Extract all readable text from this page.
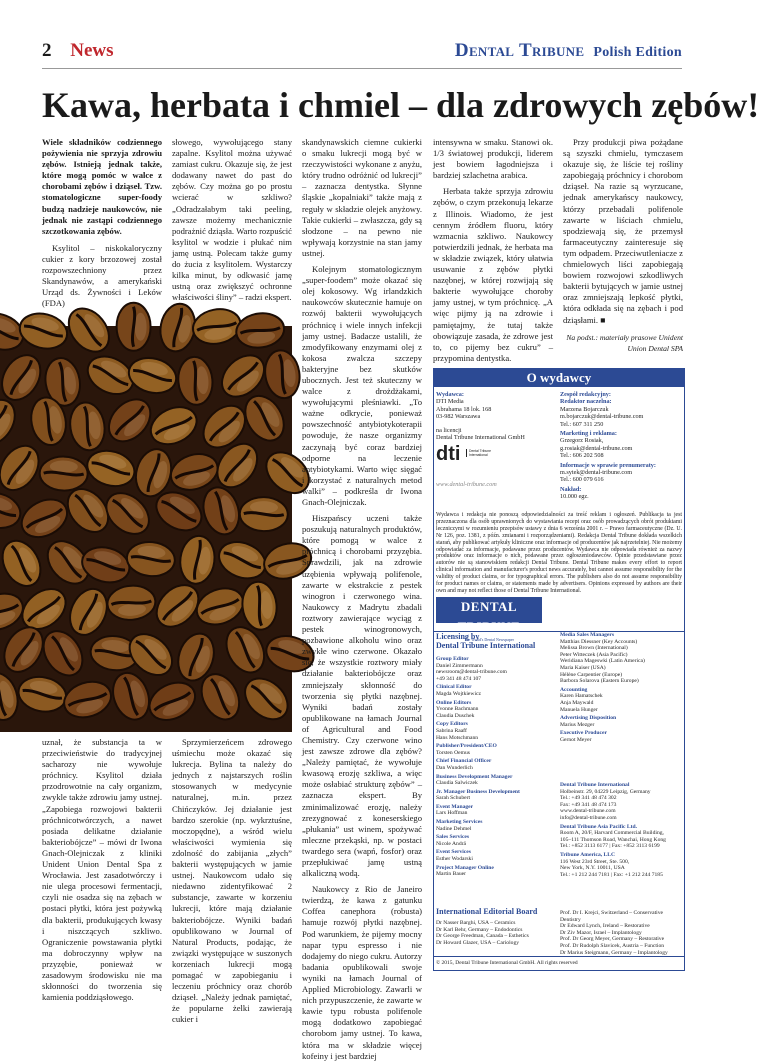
2 News	Dental Tribune Polish Edition
Kawa, herbata i chmiel – dla zdrowych zębów!

Wiele składników codziennego pożywienia nie sprzyja zdrowiu zębów. Istnieją jednak także, które mogą pomóc w walce z chorobami zębów i dziąseł. Tzw. stomatologiczne super-foody budzą nadzieje naukowców, nie jednak nie zastąpi codziennego szczotkowania zębów.

Ksylitol – niskokaloryczny cukier z kory brzozowej został rozpowszechniony przez Skandynawów, a amerykański Urząd ds. Żywności i Leków (FDA)

słowego, wywołującego stany zapalne. Ksylitol można używać zamiast cukru. Okazuje się, że jest dodawany nawet do past do zębów. Czy można go po prostu wcierać w szkliwo? „Odradzałabym taki peeling, zawsze możemy mechanicznie podrażnić dziąsła. Warto rozpuścić ksylitol w wodzie i płukać nim jamę ustną. Polecam także gumy do żucia z ksylitolem. Wystarczy kilka minut, by odkwasić jamę ustną oraz zwiększyć ochronne właściwości śliny” – radzi ekspert.

uznał, że substancja ta w przeciwieństwie do tradycyjnej sacharozy nie wywołuje próchnicy. Ksylitol działa przodrowotnie na cały organizm, zwykle także zdrowiu jamy ustnej. „Zapobiega rozwojowi bakterii próchnicotwórczych, a nawet posiada delikatne działanie bakteriobójcze” – mówi dr Iwona Gnach-Olejniczak z kliniki Unident Union Dental Spa z Wrocławia. Jest zasadotwórczy i nie ulega procesowi fermentacji, czyli nie osadza się na zębach w postaci płytki, która jest pożywką dla bakterii, produkujących kwasy i niszczących szkliwo. Ograniczenie powstawania płytki ma dobroczynny wpływ na przyzębie, ponieważ w zasadowym środowisku nie ma skłonności do tworzenia się kamienia poddziąsłowego.

Sprzymierzeńcem zdrowego uśmiechu może okazać się lukrecja. Bylina ta należy do jednych z najstarszych roślin stosowanych w medycynie naturalnej, m.in. przez Chińczyków. Jej działanie jest bardzo szerokie (np. wykrztuśne, moczopędne), a wśród wielu właściwości wymienia się zdolność do zabijania „złych” bakterii występujących w jamie ustnej. Naukowcom udało się niedawno zidentyfikować 2 substancje, zawarte w korzeniu lukrecji, które mają działanie bakteriobójcze. Wyniki badań opublikowano w Journal of Natural Products, podając, że związki występujące w suszonych korzeniach lukrecji mogą pomagać w zapobieganiu i leczeniu próchnicy oraz chorób dziąseł. „Należy jednak pamiętać, że popularne żelki zawierają cukier i

skandynawskich ciemne cukierki o smaku lukrecji mogą być w rzeczywistości wykonane z anyżu, który trudno odróżnić od lukrecji” – zaznacza dentystka. Słynne śląskie „kopalniaki” także mają z reguły w składzie olejek anyżowy. Takie cukierki – zwłaszcza, gdy są słodzone – na pewno nie wpływają korzystnie na stan jamy ustnej.

Kolejnym stomatologicznym „super-foodem” może okazać się olej kokosowy. Wg irlandzkich naukowców skutecznie hamuje on rozwój bakterii wywołujących próchnicę i wiele innych infekcji jamy ustnej. Badacze ustalili, że zmodyfikowany enzymami olej z kokosa zwalcza szczepy bakteryjne bez skutków ubocznych. Jest też skuteczny w walce z drożdżakami, wywołującymi pleśniawki. „To ważne odkrycie, ponieważ powszechność antybiotykoterapii powoduje, że nasze organizmy zaczynają być coraz bardziej odporne na leczenie antybiotykami. Warto więc sięgać i korzystać z naturalnych metod walki” – podkreśla dr Iwona Gnach-Olejniczak.

Hiszpańscy uczeni także poszukują naturalnych produktów, które pomogą w walce z próchnicą i chorobami przyzębia. Sprawdzili, jak na zdrowie uzębienia wpływają polifenole, zawarte w ekstrakcie z pestek winogron i czerwonego wina. Naukowcy z Madrytu zbadali roztwory zawierające wyciąg z pestek winogronowych, pozbawione alkoholu wino oraz zwykłe wino czerwone. Okazało się, że wszystkie roztwory miały działanie bakteriobójcze oraz zmniejszały skłonność do tworzenia się płytki nazębnej. Wyniki badań zostały opublikowane na łamach Journal of Agricultural and Food Chemistry. Czy czerwone wino jest zawsze zdrowe dla zębów? „Należy pamiętać, że wywołuje kwasową erozję szkliwa, a więc może osłabiać strukturę zębów” – zaznacza ekspert. By zminimalizować erozję, należy zrezygnować z koneserskiego „płukania” ust winem, spożywać mleczne przekąski, np. w postaci twardego sera (wapń, fosfor) oraz przepłukiwać jamę ustną alkaliczną wodą.

Naukowcy z Rio de Janeiro twierdzą, że kawa z gatunku Coffea canephora (robusta) hamuje rozwój płytki nazębnej. Pod warunkiem, że pijemy mocny napar typu espresso i nie dodajemy do niego cukru. Autorzy badania opublikowali swoje wyniki na łamach Journal of Applied Microbiology. Zawarli w nich przypuszczenie, że zawarte w kawie typu robusta polifenole mogą dodatkowo zapobiegać chorobom jamy ustnej. To kawa, która ma w składzie więcej kofeiny i jest bardziej

intensywna w smaku. Stanowi ok. 1/3 światowej produkcji, liderem jest bowiem łagodniejsza i bardziej szlachetna arabica.

Herbata także sprzyja zdrowiu zębów, o czym przekonują lekarze z Illinois. Wiadomo, że jest cennym źródłem fluoru, który wzmacnia szkliwo. Naukowcy potwierdzili jednak, że herbata ma w składzie związek, który ułatwia usuwanie z zębów płytki nazębnej, w której rozwijają się bakterie wywołujące choroby jamy ustnej, w tym próchnicę. „A więc pijmy ją na zdrowie i pamiętajmy, że tutaj także obowiązuje zasada, że zdrowe jest to, co pijemy bez cukru” – przypomina dentystka.

Przy produkcji piwa pożądane są szyszki chmielu, tymczasem okazuje się, że liście tej rośliny zapobiegają próchnicy i chorobom dziąseł. Na razie są wyrzucane, jednak amerykańscy naukowcy, którzy przebadali polifenole zawarte w liściach chmielu, spodziewają się, że przemysł farmaceutyczny zainteresuje się tym odpadem. Przeciwutleniacze z chmielowych liści zapobiegają bowiem rozwojowi szkodliwych bakterii bytujących w jamie ustnej oraz zmniejszają lepkość płytki, która odkłada się na zębach i pod dziąsłami. ■

Na podst.: materiały prasowe Unident Union Dental SPA

O wydawcy
Wydawca:
DTI Media
Abrahama 18 lok. 168
03-982 Warszawa
na licencji
Dental Tribune International GmbH
dti	Dental Tribune International
www.dental-tribune.com
Zespół redakcyjny:
Redaktor naczelna:
Marzena Bojarczuk
m.bojarczuk@dental-tribune.com
Tel.: 607 311 250
Marketing i reklama:
Grzegorz Rosiak,
g.rosiak@dental-tribune.com
Tel.: 606 202 508
Informacje w sprawie prenumeraty:
m.sytek@dental-tribune.com
Tel.: 600 079 616
Nakład:
10.000 egz.
Wydawca i redakcja nie ponoszą odpowiedzialności za treść reklam i ogłoszeń. Publikacja ta jest przeznaczona dla osób uprawnionych do wystawiania recept oraz osób prowadzących obrót produktami leczniczymi w rozumieniu przepisów ustawy z dnia 6 września 2001 r. – Prawo farmaceutyczne (Dz. U. Nr 126, poz. 1381, z późn. zmianami i rozporządzeniami). Redakcja Dental Tribune dokłada wszelkich starań, aby publikować artykuły kliniczne oraz informacje od producentów jak najrzetelniej. Nie możemy odpowiadać za informacje, podawane przez producentów. Wydawca nie odpowiada również za nazwy produktów oraz informacje o nich, podawane przez ogłoszeniodawców. Opinie przedstawiane przez autorów nie są stanowiskiem redakcji Dental Tribune. Dental Tribune makes every effort to report clinical information and manufacturer's product news accurately, but cannot assume responsibility for the validity of product claims, or for typographical errors. The publishers also do not assume responsibility for product names or claims, or statements made by advertisers. Opinions expressed by authors are their own and may not reflect those of Dental Tribune International.
DENTAL TRIBUNE
The World's Dental Newspaper
Licensing by
Dental Tribune International
Group Editor
Daniel Zimmermann
newsroom@dental-tribune.com
+49 341 48 474 107
Clinical Editor
Magda Wojtkiewicz
Online Editors
Yvonne Bachmann
Claudia Duschek
Copy Editors
Sabrina Raaff
Hans Motschmann
Publisher/President/CEO
Torsten Oemus
Chief Financial Officer
Dan Wunderlich
Business Development Manager
Claudia Salwiczek
Jr. Manager Business Development
Sarah Schubert
Event Manager
Lars Hoffman
Marketing Services
Nadine Dehmel
Sales Services
Nicole Andrä
Event Services
Esther Wodarski
Project Manager Online
Martin Bauer
Media Sales Managers
Matthias Diessner (Key Accounts)
Melissa Brown (International)
Peter Witteczek (Asia Pacific)
Weridiana Mageswki (Latin America)
Maria Kaiser (USA)
Hélène Carpentier (Europe)
Barbora Solarova (Eastern Europe)
Accounting
Karen Hamatschek
Anja Maywald
Manuela Hunger
Advertising Disposition
Marius Mezger
Executive Producer
Gernot Meyer
Dental Tribune International
Holbeinstr. 29, 04229 Leipzig, Germany
Tel.: +49 341 48 474 302
Fax: +49 341 48 474 173
www.dental-tribune.com
info@dental-tribune.com
Dental Tribune Asia Pacific Ltd.
Room A, 20/F, Harvard Commercial Building,
105–111 Thomson Road, Wanchai, Hong Kong
Tel.: +852 3113 6177 | Fax: +852 3113 6199
Tribune America, LLC
116 West 23rd Street, Ste. 500,
New York, N.Y. 10011, USA
Tel.: +1 212 244 7181 | Fax: +1 212 244 7185
International Editorial Board
Dr Nasser Barghi, USA – Ceramics
Dr Karl Behr, Germany – Endodontics
Dr George Freedman, Canada – Esthetics
Dr Howard Glazer, USA – Cariology
Prof. Dr I. Krejci, Switzerland – Conservative Dentistry
Dr Edward Lynch, Ireland – Restorative
Dr Ziv Mazor, Israel – Implantology
Prof. Dr Georg Meyer, Germany – Restorative
Prof. Dr Rudolph Slavicek, Austria – Function
Dr Marius Steigmann, Germany – Implantology
© 2015, Dental Tribune International GmbH. All rights reserved
